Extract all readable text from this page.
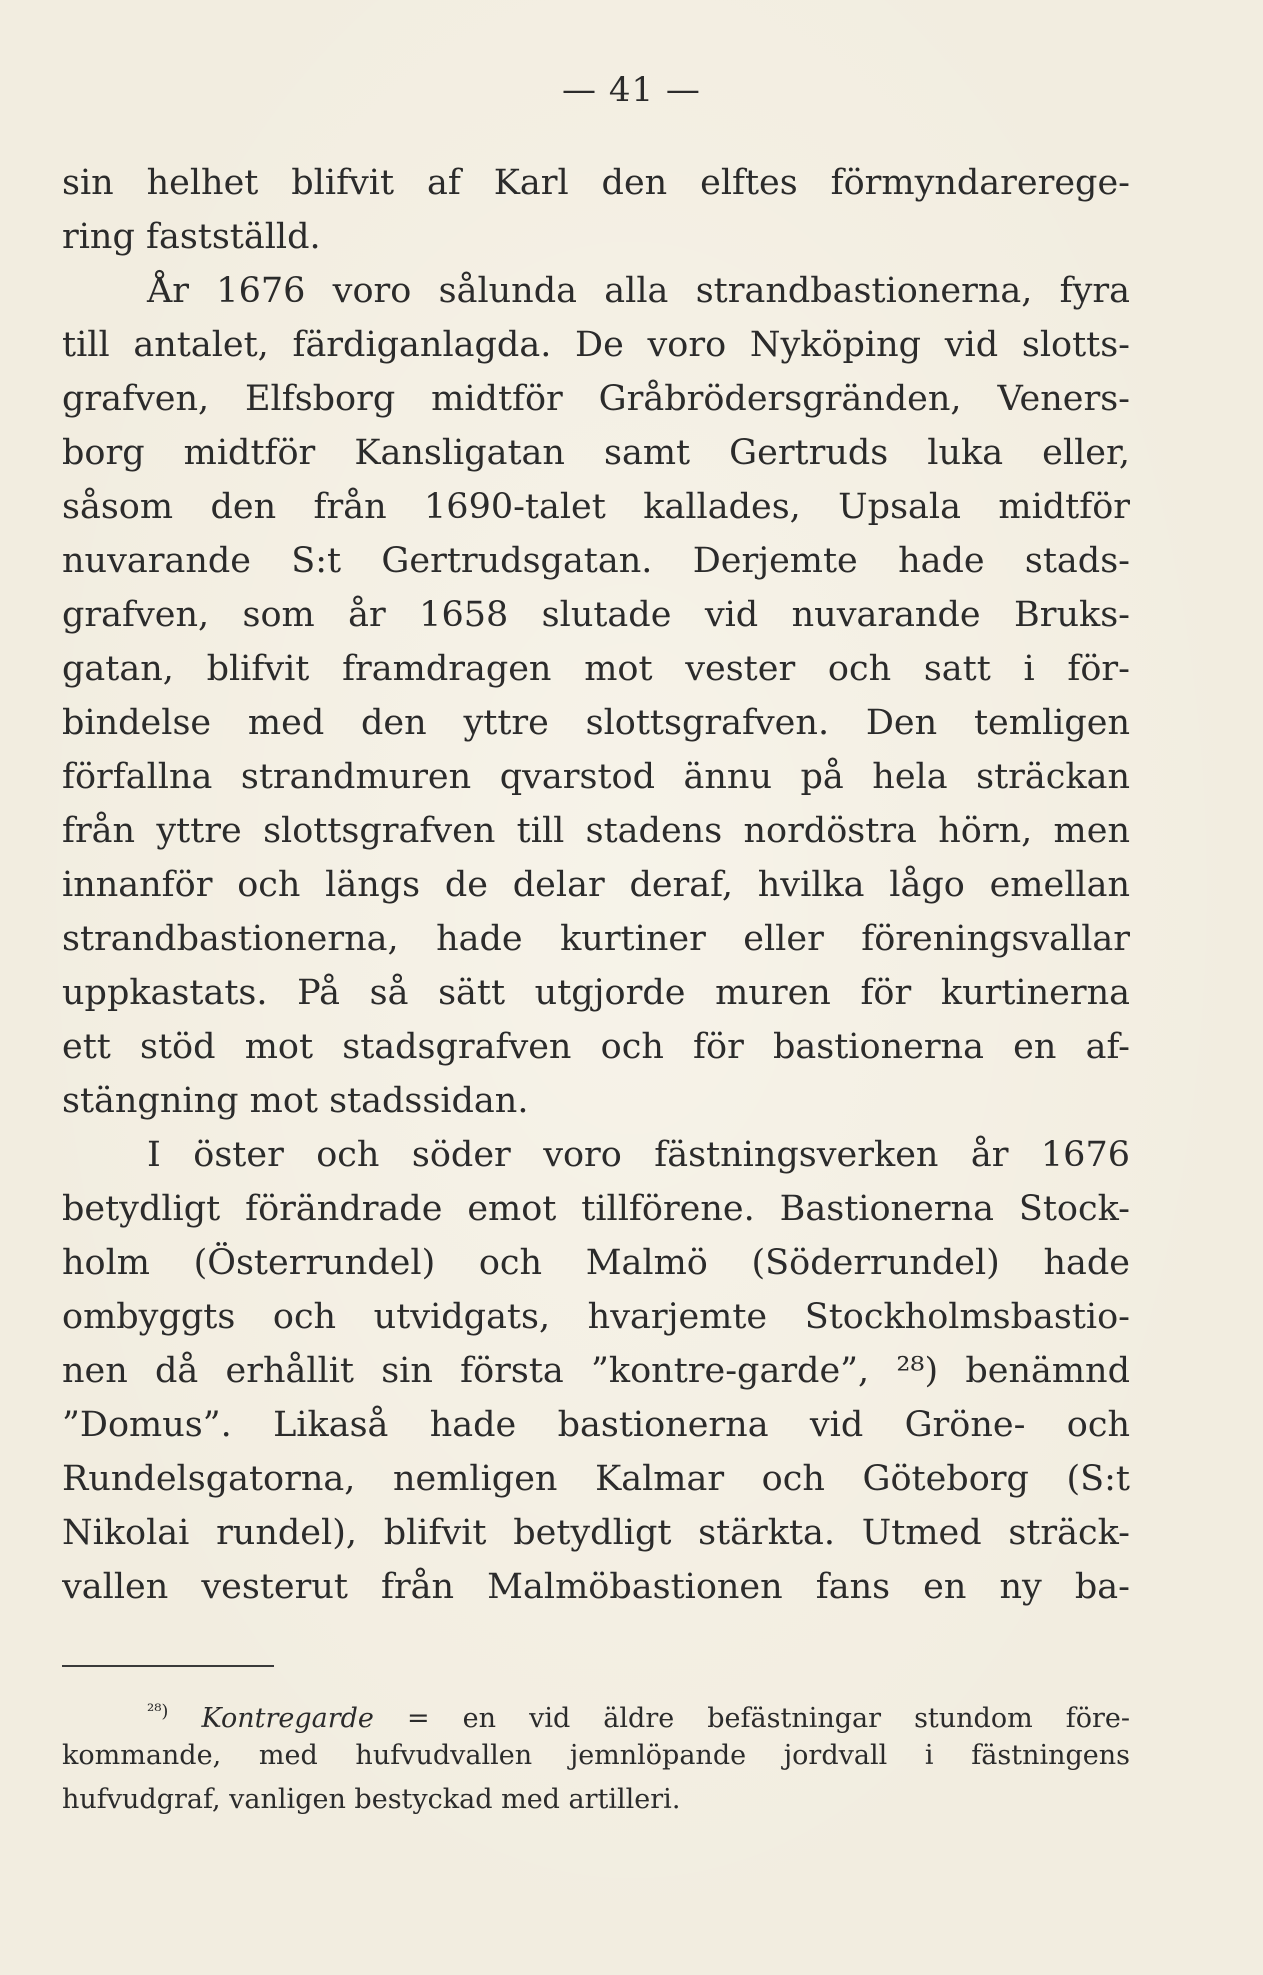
— 41 —
sin helhet blifvit af Karl den elftes förmyndarerege-
ring fastställd.
År 1676 voro sålunda alla strandbastionerna, fyra
till antalet, färdiganlagda. De voro Nyköping vid slotts-
grafven, Elfsborg midtför Gråbrödersgränden, Veners-
borg midtför Kansligatan samt Gertruds luka eller,
såsom den från 1690-talet kallades, Upsala midtför
nuvarande S:t Gertrudsgatan. Derjemte hade stads-
grafven, som år 1658 slutade vid nuvarande Bruks-
gatan, blifvit framdragen mot vester och satt i för-
bindelse med den yttre slottsgrafven. Den temligen
förfallna strandmuren qvarstod ännu på hela sträckan
från yttre slottsgrafven till stadens nordöstra hörn, men
innanför och längs de delar deraf, hvilka lågo emellan
strandbastionerna, hade kurtiner eller föreningsvallar
uppkastats. På så sätt utgjorde muren för kurtinerna
ett stöd mot stadsgrafven och för bastionerna en af-
stängning mot stadssidan.
I öster och söder voro fästningsverken år 1676
betydligt förändrade emot tillförene. Bastionerna Stock-
holm (Österrundel) och Malmö (Söderrundel) hade
ombyggts och utvidgats, hvarjemte Stockholmsbastio-
nen då erhållit sin första ”kontre-garde”, ²⁸) benämnd
”Domus”. Likaså hade bastionerna vid Gröne- och
Rundelsgatorna, nemligen Kalmar och Göteborg (S:t
Nikolai rundel), blifvit betydligt stärkta. Utmed sträck-
vallen vesterut från Malmöbastionen fans en ny ba-
$^{^{28})}$ Kontregarde = en vid äldre befästningar stundom före-
kommande, med hufvudvallen jemnlöpande jordvall i fästningens
hufvudgraf, vanligen bestyckad med artilleri.
